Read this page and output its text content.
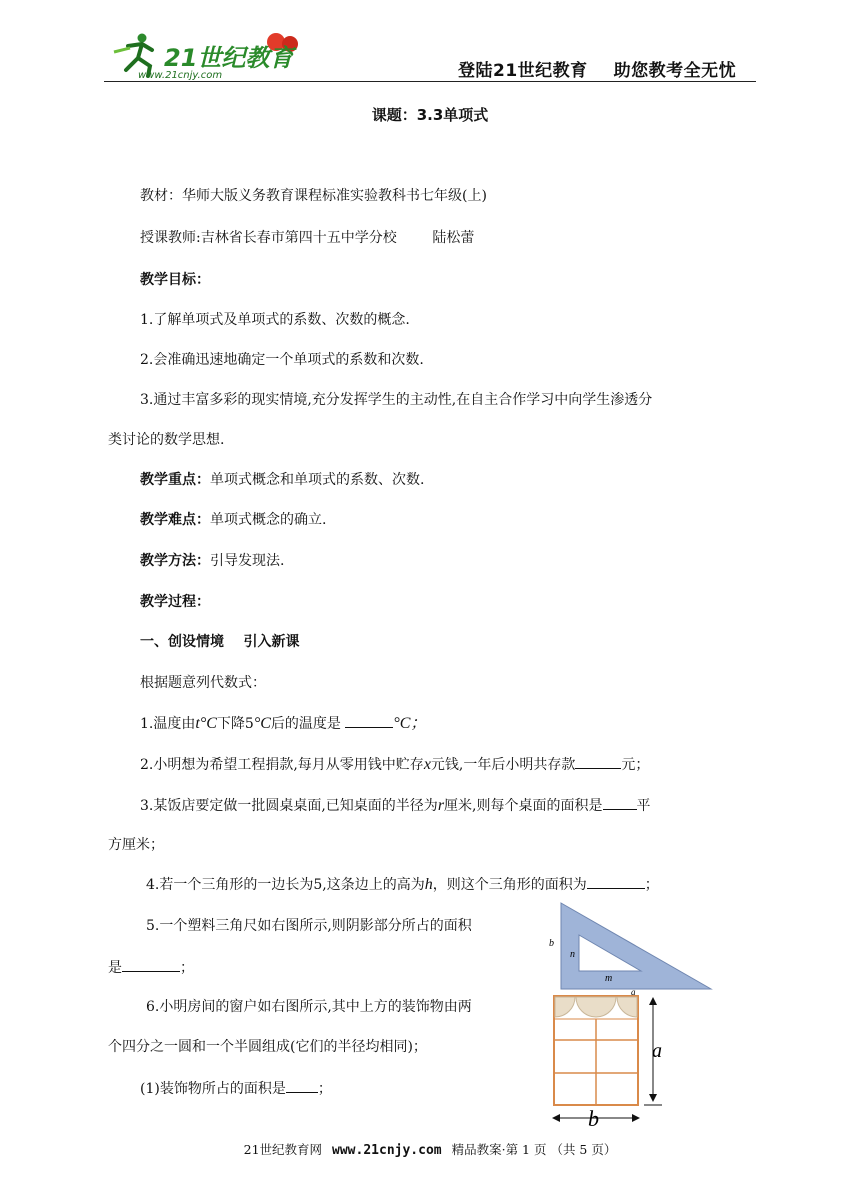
21世纪教育
www.21cnjy.com	登陆21世纪教育 助您教考全无忧
课题：3.3单项式
教材：华师大版义务教育课程标准实验教科书七年级(上)
授课教师:吉林省长春市第四十五中学分校        陆松蕾
教学目标：
1.了解单项式及单项式的系数、次数的概念.
2.会准确迅速地确定一个单项式的系数和次数.
3.通过丰富多彩的现实情境,充分发挥学生的主动性,在自主合作学习中向学生渗透分
类讨论的数学思想.
教学重点：单项式概念和单项式的系数、次数.
教学难点：单项式概念的确立.
教学方法：引导发现法.
教学过程：
一、创设情境    引入新课
根据题意列代数式：
1.温度由t°C下降5°C后的温度是	°C；
2.小明想为希望工程捐款,每月从零用钱中贮存x元钱,一年后小明共存款	元；
3.某饭店要定做一批圆桌桌面,已知桌面的半径为r厘米,则每个桌面的面积是 平
方厘米；
4.若一个三角形的一边长为5,这条边上的高为h，则这个三角形的面积为	；
5.一个塑料三角尺如右图所示,则阴影部分所占的面积
是	；
b
n
m
a
6.小明房间的窗户如右图所示,其中上方的装饰物由两
个四分之一圆和一个半圆组成(它们的半径均相同)；
(1)装饰物所占的面积是 ；
a
b
21世纪教育网 www.21cnjy.com 精品教案·第 1 页 （共 5 页）
